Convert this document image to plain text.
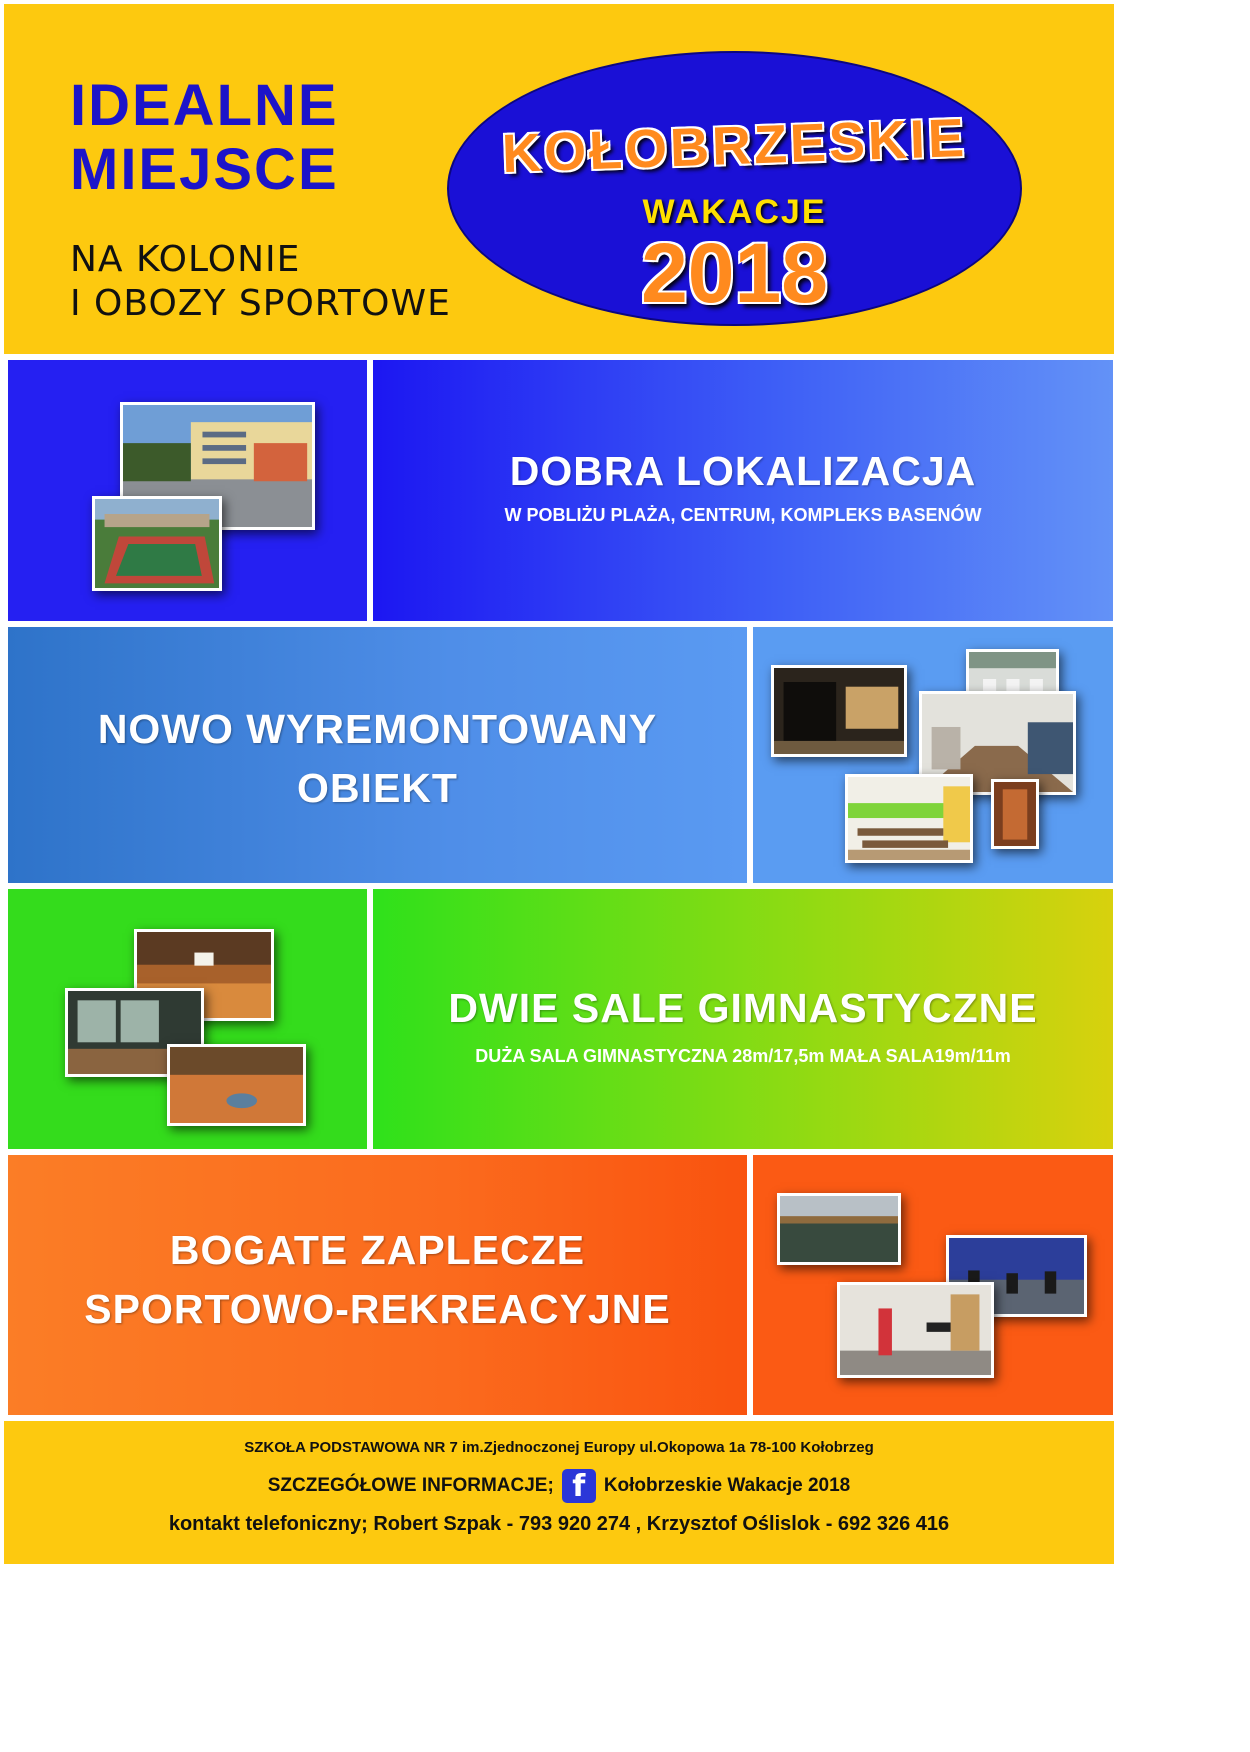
IDEALNE
MIEJSCE
NA KOLONIE
I OBOZY SPORTOWE
KOŁOBRZESKIE
WAKACJE
2018
DOBRA LOKALIZACJA
W POBLIŻU PLAŻA, CENTRUM, KOMPLEKS BASENÓW
NOWO WYREMONTOWANY
OBIEKT
DWIE SALE GIMNASTYCZNE
DUŻA SALA GIMNASTYCZNA 28m/17,5m MAŁA SALA19m/11m
BOGATE ZAPLECZE
SPORTOWO-REKREACYJNE
SZKOŁA PODSTAWOWA NR 7 im.Zjednoczonej Europy ul.Okopowa 1a 78-100 Kołobrzeg
SZCZEGÓŁOWE INFORMACJE; f Kołobrzeskie Wakacje 2018
kontakt telefoniczny; Robert Szpak - 793 920 274 , Krzysztof Oślislok - 692 326 416
